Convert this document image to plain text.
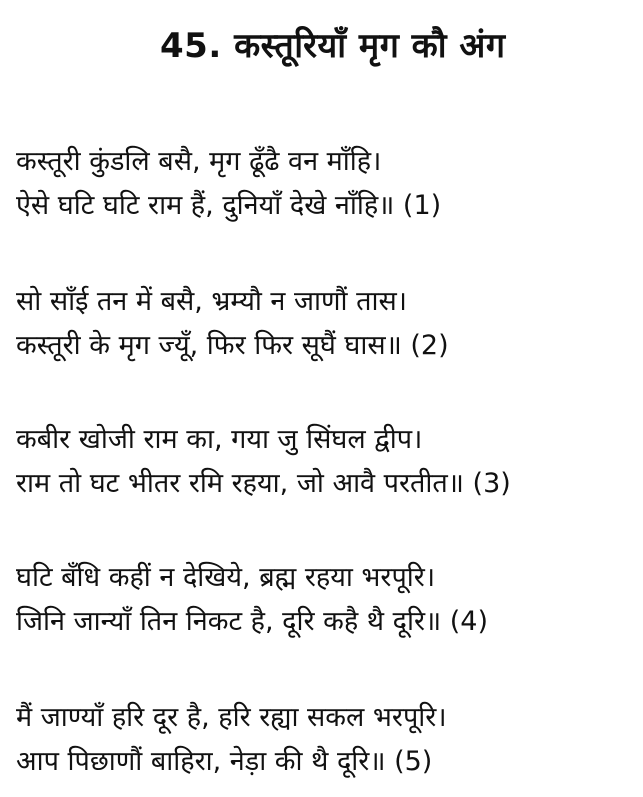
45. कस्तूरियाँ मृग कौ अंग
कस्तूरी कुंडलि बसै, मृग ढूँढै वन माँहि।
ऐसे घटि घटि राम हैं, दुनियाँ देखे नाँहि॥ (1)
सो साँई तन में बसै, भ्रम्यौ न जाणौं तास।
कस्तूरी के मृग ज्यूँ, फिर फिर सूघैं घास॥ (2)
कबीर खोजी राम का, गया जु सिंघल द्वीप।
राम तो घट भीतर रमि रहया, जो आवै परतीत॥ (3)
घटि बँधि कहीं न देखिये, ब्रह्म रहया भरपूरि।
जिनि जान्याँ तिन निकट है, दूरि कहै थै दूरि॥ (4)
मैं जाण्याँ हरि दूर है, हरि रह्या सकल भरपूरि।
आप पिछाणौं बाहिरा, नेड़ा की थै दूरि॥ (5)
